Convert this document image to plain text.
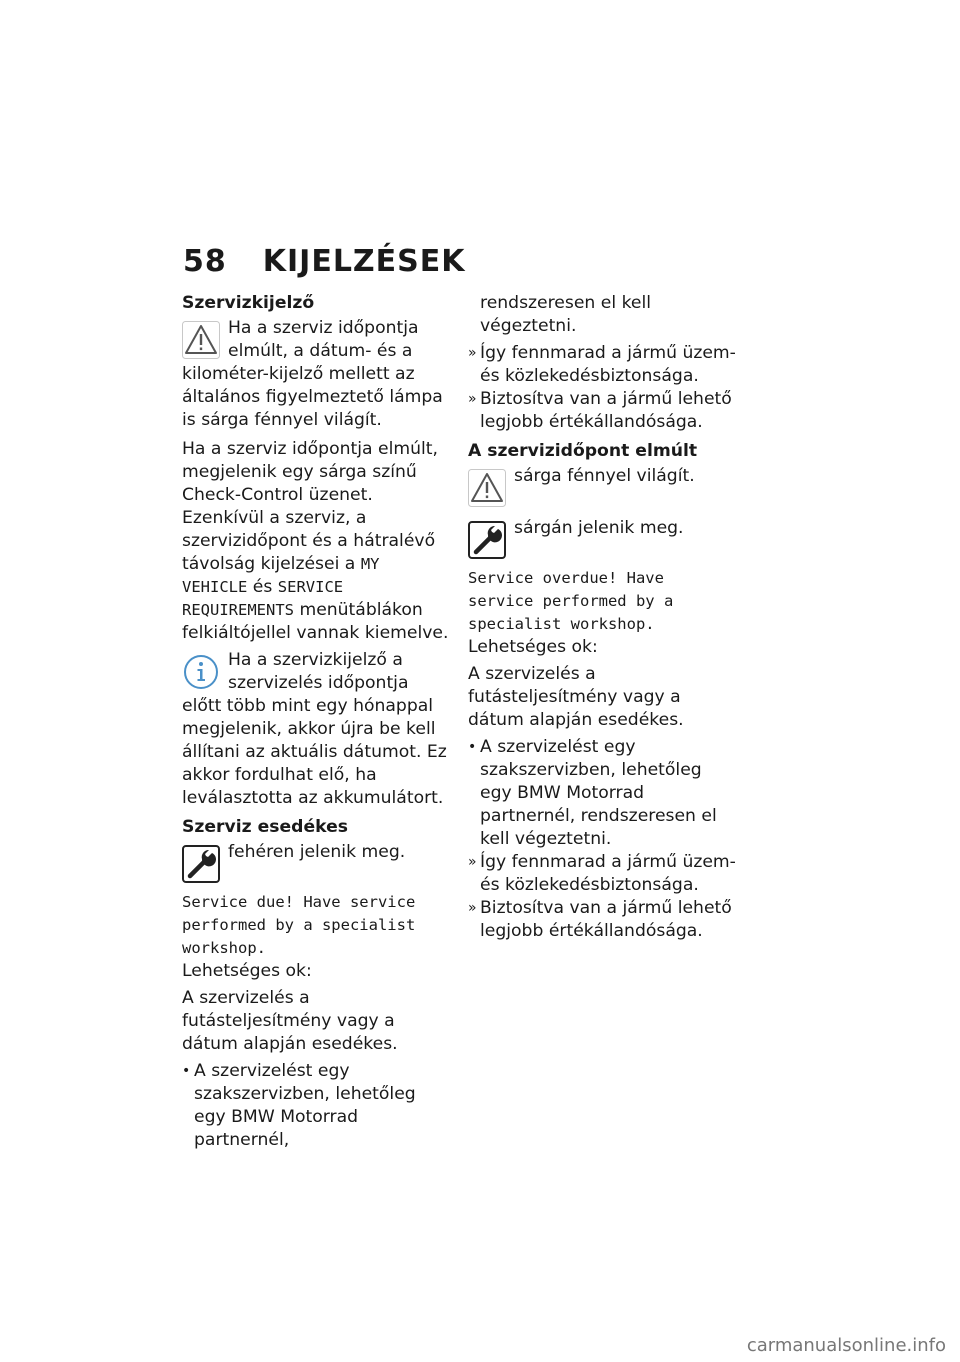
58 KIJELZÉSEK
Szervizkijelző
Ha a szerviz időpontja elmúlt, a dátum- és a kilométer-kijelző mellett az általános figyelmeztető lámpa is sárga fénnyel világít.

Ha a szerviz időpontja elmúlt, megjelenik egy sárga színű Check-Control üzenet. Ezenkívül a szerviz, a szervizidőpont és a hátralévő távolság kijelzései a MY VEHICLE és SERVICE REQUIREMENTS menütáblákon felkiáltójellel vannak kiemelve.

Ha a szervizkijelző a szervizelés időpontja előtt több mint egy hónappal megjelenik, akkor újra be kell állítani az aktuális dátumot. Ez akkor fordulhat elő, ha leválasztotta az akkumulátort.
Szerviz esedékes
fehéren jelenik meg.

Service due! Have service performed by a specialist workshop.

Lehetséges ok:

A szervizelés a futásteljesítmény vagy a dátum alapján esedékes.

• A szervizelést egy szakszervizben, lehetőleg egy BMW Motorrad partnernél,

rendszeresen el kell végeztetni.

» Így fennmarad a jármű üzem- és közlekedésbiztonsága.
» Biztosítva van a jármű lehető legjobb értékállandósága.
A szervizidőpont elmúlt
sárga fénnyel világít.
sárgán jelenik meg.

Service overdue! Have service performed by a specialist workshop.

Lehetséges ok:

A szervizelés a futásteljesítmény vagy a dátum alapján esedékes.

• A szervizelést egy szakszervizben, lehetőleg egy BMW Motorrad partnernél, rendszeresen el kell végeztetni.
» Így fennmarad a jármű üzem- és közlekedésbiztonsága.
» Biztosítva van a jármű lehető legjobb értékállandósága.
carmanualsonline.info
